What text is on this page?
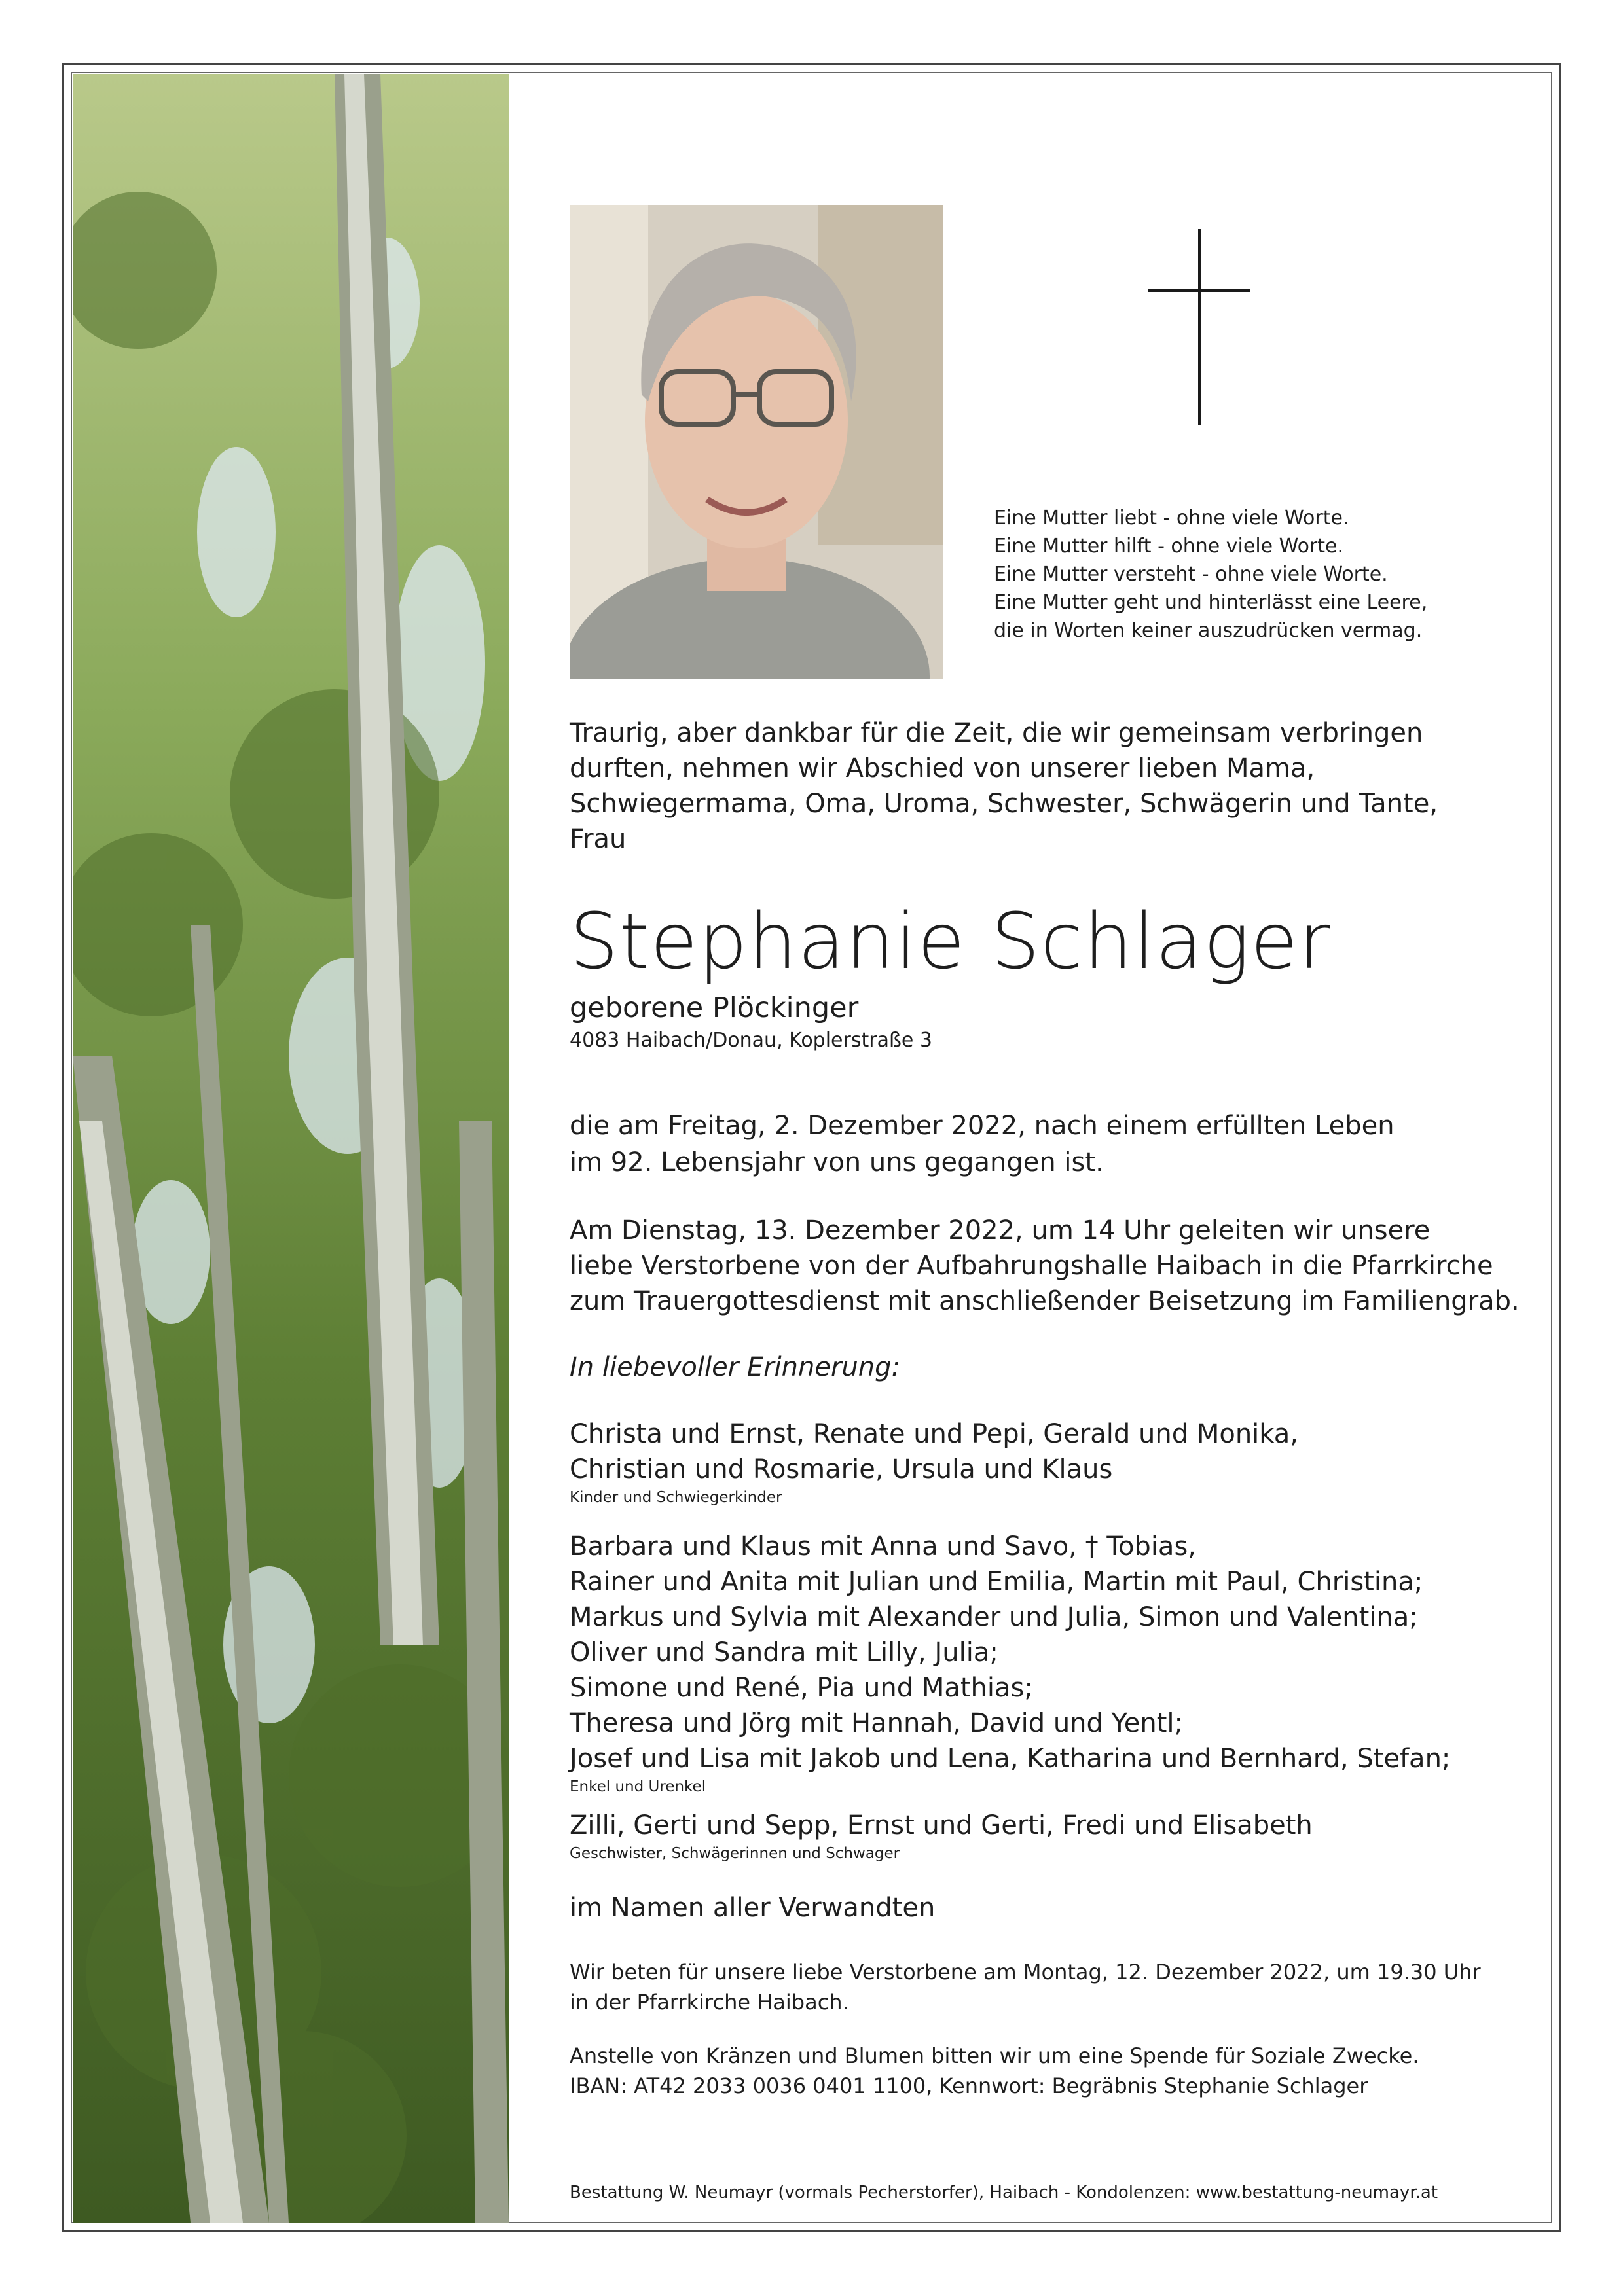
Eine Mutter liebt - ohne viele Worte.
Eine Mutter hilft - ohne viele Worte.
Eine Mutter versteht - ohne viele Worte.
Eine Mutter geht und hinterlässt eine Leere,
die in Worten keiner auszudrücken vermag.
Traurig, aber dankbar für die Zeit, die wir gemeinsam verbringen
durften, nehmen wir Abschied von unserer lieben Mama,
Schwiegermama, Oma, Uroma, Schwester, Schwägerin und Tante,
Frau
Stephanie Schlager
geborene Plöckinger
4083 Haibach/Donau, Koplerstraße 3
die am Freitag, 2. Dezember 2022, nach einem erfüllten Leben
im 92. Lebensjahr von uns gegangen ist.
Am Dienstag, 13. Dezember 2022, um 14 Uhr geleiten wir unsere
liebe Verstorbene von der Aufbahrungshalle Haibach in die Pfarrkirche
zum Trauergottesdienst mit anschließender Beisetzung im Familiengrab.
In liebevoller Erinnerung:
Christa und Ernst, Renate und Pepi, Gerald und Monika,
Christian und Rosmarie, Ursula und Klaus
Kinder und Schwiegerkinder
Barbara und Klaus mit Anna und Savo, † Tobias,
Rainer und Anita mit Julian und Emilia, Martin mit Paul, Christina;
Markus und Sylvia mit Alexander und Julia, Simon und Valentina;
Oliver und Sandra mit Lilly, Julia;
Simone und René, Pia und Mathias;
Theresa und Jörg mit Hannah, David und Yentl;
Josef und Lisa mit Jakob und Lena, Katharina und Bernhard, Stefan;
Enkel und Urenkel
Zilli, Gerti und Sepp, Ernst und Gerti, Fredi und Elisabeth
Geschwister, Schwägerinnen und Schwager
im Namen aller Verwandten
Wir beten für unsere liebe Verstorbene am Montag, 12. Dezember 2022, um 19.30 Uhr
in der Pfarrkirche Haibach.
Anstelle von Kränzen und Blumen bitten wir um eine Spende für Soziale Zwecke.
IBAN: AT42 2033 0036 0401 1100, Kennwort: Begräbnis Stephanie Schlager
Bestattung W. Neumayr (vormals Pecherstorfer), Haibach - Kondolenzen: www.bestattung-neumayr.at
